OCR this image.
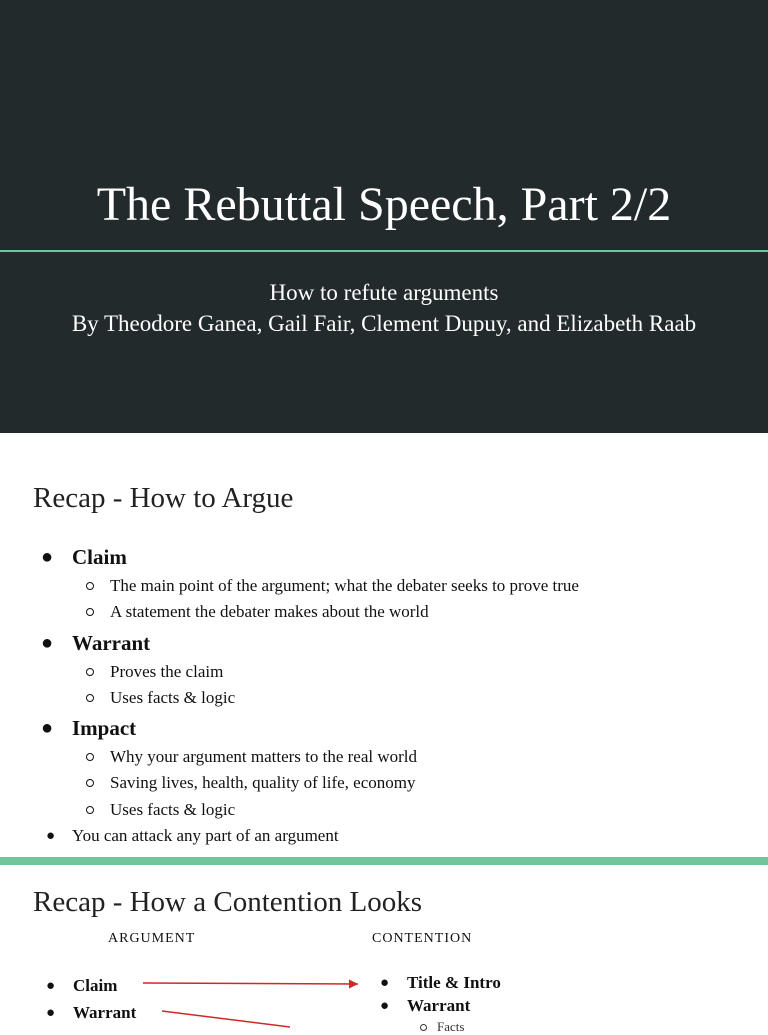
The Rebuttal Speech, Part 2/2
How to refute arguments
By Theodore Ganea, Gail Fair, Clement Dupuy, and Elizabeth Raab
Recap - How to Argue
● Claim
The main point of the argument; what the debater seeks to prove true
A statement the debater makes about the world
● Warrant
Proves the claim
Uses facts & logic
● Impact
Why your argument matters to the real world
Saving lives, health, quality of life, economy
Uses facts & logic
● You can attack any part of an argument
Recap - How a Contention Looks
ARGUMENT	CONTENTION
● Claim
● Warrant
● Title & Intro
● Warrant
Facts
